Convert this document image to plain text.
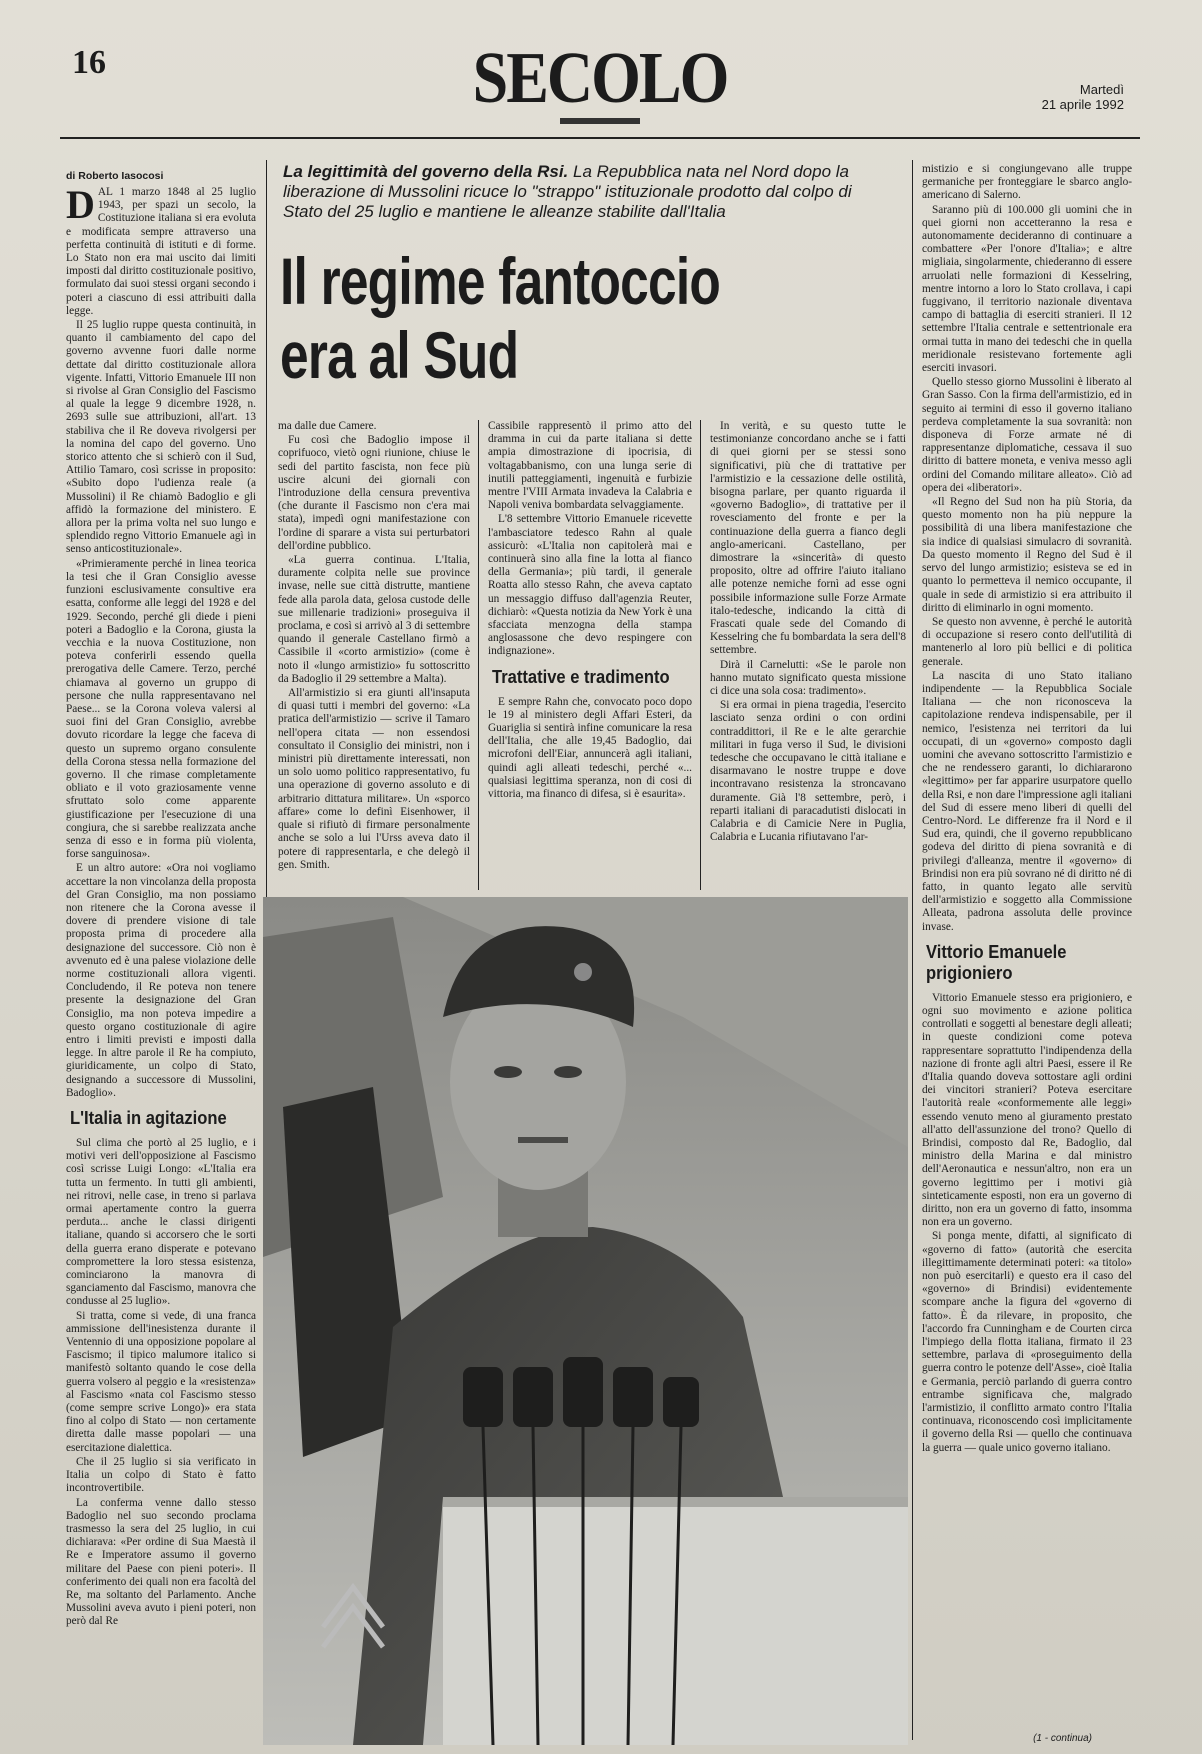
16	SECOLO	Martedì
21 aprile 1992
di Roberto Iasocosi

DAL 1 marzo 1848 al 25 luglio 1943, per spazi un secolo, la Costituzione italiana si era evoluta e modificata sempre attraverso una perfetta continuità di istituti e di forme. Lo Stato non era mai uscito dai limiti imposti dal diritto costituzionale positivo, formulato dai suoi stessi organi secondo i poteri a ciascuno di essi attribuiti dalla legge.

Il 25 luglio ruppe questa continuità, in quanto il cambiamento del capo del governo avvenne fuori dalle norme dettate dal diritto costituzionale allora vigente. Infatti, Vittorio Emanuele III non si rivolse al Gran Consiglio del Fascismo al quale la legge 9 dicembre 1928, n. 2693 sulle sue attribuzioni, all'art. 13 stabiliva che il Re doveva rivolgersi per la nomina del capo del governo. Uno storico attento che si schierò con il Sud, Attilio Tamaro, così scrisse in proposito: «Subito dopo l'udienza reale (a Mussolini) il Re chiamò Badoglio e gli affidò la formazione del ministero. E allora per la prima volta nel suo lungo e splendido regno Vittorio Emanuele agì in senso anticostituzionale».

«Primieramente perché in linea teorica la tesi che il Gran Consiglio avesse funzioni esclusivamente consultive era esatta, conforme alle leggi del 1928 e del 1929. Secondo, perché gli diede i pieni poteri a Badoglio e la Corona, giusta la vecchia e la nuova Costituzione, non poteva conferirli essendo quella prerogativa delle Camere. Terzo, perché chiamava al governo un gruppo di persone che nulla rappresentavano nel Paese... se la Corona voleva valersi al suoi fini del Gran Consiglio, avrebbe dovuto ricordare la legge che faceva di questo un supremo organo consulente della Corona stessa nella formazione del governo. Il che rimase completamente obliato e il voto graziosamente venne sfruttato solo come apparente giustificazione per l'esecuzione di una congiura, che si sarebbe realizzata anche senza di esso e in forma più violenta, forse sanguinosa».

E un altro autore: «Ora noi vogliamo accettare la non vincolanza della proposta del Gran Consiglio, ma non possiamo non ritenere che la Corona avesse il dovere di prendere visione di tale proposta prima di procedere alla designazione del successore. Ciò non è avvenuto ed è una palese violazione delle norme costituzionali allora vigenti. Concludendo, il Re poteva non tenere presente la designazione del Gran Consiglio, ma non poteva impedire a questo organo costituzionale di agire entro i limiti previsti e imposti dalla legge. In altre parole il Re ha compiuto, giuridicamente, un colpo di Stato, designando a successore di Mussolini, Badoglio».

L'Italia in agitazione

Sul clima che portò al 25 luglio, e i motivi veri dell'opposizione al Fascismo così scrisse Luigi Longo: «L'Italia era tutta un fermento. In tutti gli ambienti, nei ritrovi, nelle case, in treno si parlava ormai apertamente contro la guerra perduta... anche le classi dirigenti italiane, quando si accorsero che le sorti della guerra erano disperate e potevano compromettere la loro stessa esistenza, cominciarono la manovra di sganciamento dal Fascismo, manovra che condusse al 25 luglio».

Si tratta, come si vede, di una franca ammissione dell'inesistenza durante il Ventennio di una opposizione popolare al Fascismo; il tipico malumore italico si manifestò soltanto quando le cose della guerra volsero al peggio e la «resistenza» al Fascismo «nata col Fascismo stesso (come sempre scrive Longo)» era stata fino al colpo di Stato — non certamente diretta dalle masse popolari — una esercitazione dialettica.

Che il 25 luglio si sia verificato in Italia un colpo di Stato è fatto incontrovertibile.

La conferma venne dallo stesso Badoglio nel suo secondo proclama trasmesso la sera del 25 luglio, in cui dichiarava: «Per ordine di Sua Maestà il Re e Imperatore assumo il governo militare del Paese con pieni poteri». Il conferimento dei quali non era facoltà del Re, ma soltanto del Parlamento. Anche Mussolini aveva avuto i pieni poteri, non però dal Re

La legittimità del governo della Rsi. La Repubblica nata nel Nord dopo la liberazione di Mussolini ricuce lo "strappo" istituzionale prodotto dal colpo di Stato del 25 luglio e mantiene le alleanze stabilite dall'Italia
Il regime fantoccio
era al Sud

ma dalle due Camere.

Fu così che Badoglio impose il coprifuoco, vietò ogni riunione, chiuse le sedi del partito fascista, non fece più uscire alcuni dei giornali con l'introduzione della censura preventiva (che durante il Fascismo non c'era mai stata), impedì ogni manifestazione con l'ordine di sparare a vista sui perturbatori dell'ordine pubblico.

«La guerra continua. L'Italia, duramente colpita nelle sue province invase, nelle sue città distrutte, mantiene fede alla parola data, gelosa custode delle sue millenarie tradizioni» proseguiva il proclama, e così si arrivò al 3 di settembre quando il generale Castellano firmò a Cassibile il «corto armistizio» (come è noto il «lungo armistizio» fu sottoscritto da Badoglio il 29 settembre a Malta).

All'armistizio si era giunti all'insaputa di quasi tutti i membri del governo: «La pratica dell'armistizio — scrive il Tamaro nell'opera citata — non essendosi consultato il Consiglio dei ministri, non i ministri più direttamente interessati, non un solo uomo politico rappresentativo, fu una operazione di governo assoluto e di arbitrario dittatura militare». Un «sporco affare» come lo definì Eisenhower, il quale si rifiutò di firmare personalmente anche se solo a lui l'Urss aveva dato il potere di rappresentarla, e che delegò il gen. Smith.

Cassibile rappresentò il primo atto del dramma in cui da parte italiana si dette ampia dimostrazione di ipocrisia, di voltagabbanismo, con una lunga serie di inutili patteggiamenti, ingenuità e furbizie mentre l'VIII Armata invadeva la Calabria e Napoli veniva bombardata selvaggiamente.

L'8 settembre Vittorio Emanuele ricevette l'ambasciatore tedesco Rahn al quale assicurò: «L'Italia non capitolerà mai e continuerà sino alla fine la lotta al fianco della Germania»; più tardi, il generale Roatta allo stesso Rahn, che aveva captato un messaggio diffuso dall'agenzia Reuter, dichiarò: «Questa notizia da New York è una sfacciata menzogna della stampa anglosassone che devo respingere con indignazione».

Trattative e tradimento

E sempre Rahn che, convocato poco dopo le 19 al ministero degli Affari Esteri, da Guariglia si sentirà infine comunicare la resa dell'Italia, che alle 19,45 Badoglio, dai microfoni dell'Eiar, annuncerà agli italiani, quindi agli alleati tedeschi, perché «... qualsiasi legittima speranza, non di cosi di vittoria, ma financo di difesa, si è esaurita».

In verità, e su questo tutte le testimonianze concordano anche se i fatti di quei giorni per se stessi sono significativi, più che di trattative per l'armistizio e la cessazione delle ostilità, bisogna parlare, per quanto riguarda il «governo Badoglio», di trattative per il rovesciamento del fronte e per la continuazione della guerra a fianco degli anglo-americani. Castellano, per dimostrare la «sincerità» di questo proposito, oltre ad offrire l'aiuto italiano alle potenze nemiche fornì ad esse ogni possibile informazione sulle Forze Armate italo-tedesche, indicando la città di Frascati quale sede del Comando di Kesselring che fu bombardata la sera dell'8 settembre.

Dirà il Carnelutti: «Se le parole non hanno mutato significato questa missione ci dice una sola cosa: tradimento».

Si era ormai in piena tragedia, l'esercito lasciato senza ordini o con ordini contraddittori, il Re e le alte gerarchie militari in fuga verso il Sud, le divisioni tedesche che occupavano le città italiane e disarmavano le nostre truppe e dove incontravano resistenza la stroncavano duramente. Già l'8 settembre, però, i reparti italiani di paracadutisti dislocati in Calabria e di Camicie Nere in Puglia, Calabria e Lucania rifiutavano l'ar-

mistizio e si congiungevano alle truppe germaniche per fronteggiare le sbarco anglo-americano di Salerno.

Saranno più di 100.000 gli uomini che in quei giorni non accetteranno la resa e autonomamente decideranno di continuare a combattere «Per l'onore d'Italia»; e altre migliaia, singolarmente, chiederanno di essere arruolati nelle formazioni di Kesselring, mentre intorno a loro lo Stato crollava, i capi fuggivano, il territorio nazionale diventava campo di battaglia di eserciti stranieri. Il 12 settembre l'Italia centrale e settentrionale era ormai tutta in mano dei tedeschi che in quella meridionale resistevano fortemente agli eserciti invasori.

Quello stesso giorno Mussolini è liberato al Gran Sasso. Con la firma dell'armistizio, ed in seguito ai termini di esso il governo italiano perdeva completamente la sua sovranità: non disponeva di Forze armate né di rappresentanze diplomatiche, cessava il suo diritto di battere moneta, e veniva messo agli ordini del Comando militare alleato». Ciò ad opera dei «liberatori».

«Il Regno del Sud non ha più Storia, da questo momento non ha più neppure la possibilità di una libera manifestazione che sia indice di qualsiasi simulacro di sovranità. Da questo momento il Regno del Sud è il servo del lungo armistizio; esisteva se ed in quanto lo permetteva il nemico occupante, il quale in sede di armistizio si era attribuito il diritto di eliminarlo in ogni momento.

Se questo non avvenne, è perché le autorità di occupazione si resero conto dell'utilità di mantenerlo al loro più bellici e di politica generale.

La nascita di uno Stato italiano indipendente — la Repubblica Sociale Italiana — che non riconosceva la capitolazione rendeva indispensabile, per il nemico, l'esistenza nei territori da lui occupati, di un «governo» composto dagli uomini che avevano sottoscritto l'armistizio e che ne rendessero garanti, lo dichiararono «legittimo» per far apparire usurpatore quello della Rsi, e non dare l'impressione agli italiani del Sud di essere meno liberi di quelli del Centro-Nord. Le differenze fra il Nord e il Sud era, quindi, che il governo repubblicano godeva del diritto di piena sovranità e di privilegi d'alleanza, mentre il «governo» di Brindisi non era più sovrano né di diritto né di fatto, in quanto legato alle servitù dell'armistizio e soggetto alla Commissione Alleata, padrona assoluta delle province invase.

Vittorio Emanuele prigioniero

Vittorio Emanuele stesso era prigioniero, e ogni suo movimento e azione politica controllati e soggetti al benestare degli alleati; in queste condizioni come poteva rappresentare soprattutto l'indipendenza della nazione di fronte agli altri Paesi, essere il Re d'Italia quando doveva sottostare agli ordini dei vincitori stranieri? Poteva esercitare l'autorità reale «conformemente alle leggi» essendo venuto meno al giuramento prestato all'atto dell'assunzione del trono? Quello di Brindisi, composto dal Re, Badoglio, dal ministro della Marina e dal ministro dell'Aeronautica e nessun'altro, non era un governo legittimo per i motivi già sinteticamente esposti, non era un governo di diritto, non era un governo di fatto, insomma non era un governo.

Si ponga mente, difatti, al significato di «governo di fatto» (autorità che esercita illegittimamente determinati poteri: «a titolo» non può esercitarli) e questo era il caso del «governo» di Brindisi) evidentemente scompare anche la figura del «governo di fatto». È da rilevare, in proposito, che l'accordo fra Cunningham e de Courten circa l'impiego della flotta italiana, firmato il 23 settembre, parlava di «proseguimento della guerra contro le potenze dell'Asse», cioè Italia e Germania, perciò parlando di guerra contro entrambe significava che, malgrado l'armistizio, il conflitto armato contro l'Italia continuava, riconoscendo così implicitamente il governo della Rsi — quello che continuava la guerra — quale unico governo italiano.

(1 - continua)
